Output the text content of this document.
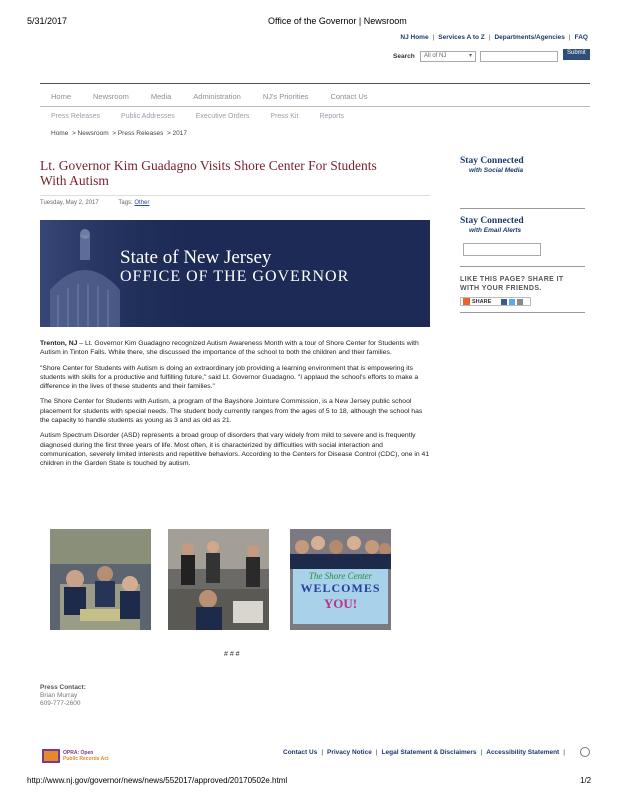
5/31/2017	Office of the Governor | Newsroom
NJ Home | Services A to Z | Departments/Agencies | FAQ
Search	All of NJ	▾	Submit
Home	Newsroom	Media	Administration	NJ's Priorities	Contact Us
Press Releases	Public Addresses	Executive Orders	Press Kit	Reports
Home  > Newsroom  > Press Releases  > 2017
Lt. Governor Kim Guadagno Visits Shore Center For Students
With Autism
Tuesday, May 2, 2017	Tags: Other
State of New Jersey
OFFICE OF THE GOVERNOR

Trenton, NJ – Lt. Governor Kim Guadagno recognized Autism Awareness Month with a tour of Shore Center for Students with Autism in Tinton Falls. While there, she discussed the importance of the school to both the children and their families.

"Shore Center for Students with Autism is doing an extraordinary job providing a learning environment that is empowering its students with skills for a productive and fulfilling future," said Lt. Governor Guadagno. "I applaud the school's efforts to make a difference in the lives of these students and their families."

The Shore Center for Students with Autism, a program of the Bayshore Jointure Commission, is a New Jersey public school placement for students with special needs. The student body currently ranges from the ages of 5 to 18, although the school has the capacity to handle students as young as 3 and as old as 21.

Autism Spectrum Disorder (ASD) represents a broad group of disorders that vary widely from mild to severe and is frequently diagnosed during the first three years of life. Most often, it is characterized by difficulties with social interaction and communication, severely limited interests and repetitive behaviors. According to the Centers for Disease Control (CDC), one in 41 children in the Garden State is touched by autism.

The Shore Center
WELCOMES
YOU!
# # #
Press Contact:
Brian Murray
609-777-2600
Stay Connected
with Social Media
Stay Connected
with Email Alerts
LIKE THIS PAGE? SHARE IT
WITH YOUR FRIENDS.
SHARE
OPRA: Open
Public Records Act
Contact Us | Privacy Notice | Legal Statement & Disclaimers | Accessibility Statement |
http://www.nj.gov/governor/news/news/552017/approved/20170502e.html	1/2
